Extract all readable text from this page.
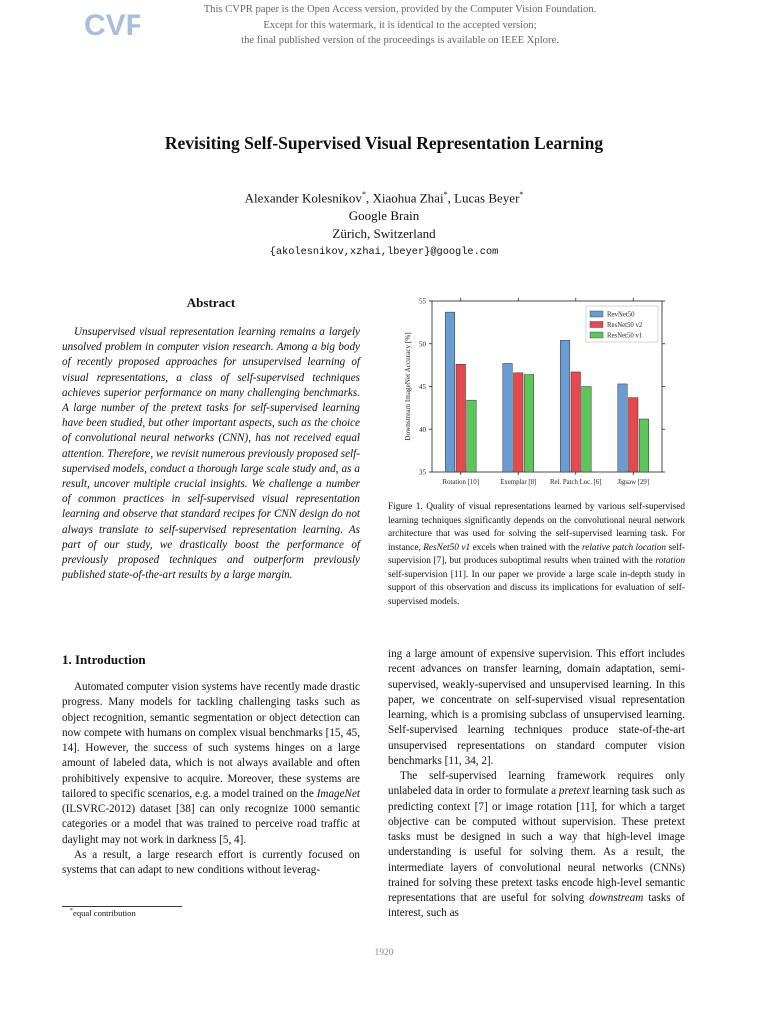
CVF	This CVPR paper is the Open Access version, provided by the Computer Vision Foundation.
Except for this watermark, it is identical to the accepted version;
the final published version of the proceedings is available on IEEE Xplore.
Revisiting Self-Supervised Visual Representation Learning
Alexander Kolesnikov*, Xiaohua Zhai*, Lucas Beyer*
Google Brain
Zürich, Switzerland
{akolesnikov,xzhai,lbeyer}@google.com
Abstract

Unsupervised visual representation learning remains a largely unsolved problem in computer vision research. Among a big body of recently proposed approaches for unsupervised learning of visual representations, a class of self-supervised techniques achieves superior performance on many challenging benchmarks. A large number of the pretext tasks for self-supervised learning have been studied, but other important aspects, such as the choice of convolutional neural networks (CNN), has not received equal attention. Therefore, we revisit numerous previously proposed self-supervised models, conduct a thorough large scale study and, as a result, uncover multiple crucial insights. We challenge a number of common practices in self-supervised visual representation learning and observe that standard recipes for CNN design do not always translate to self-supervised representation learning. As part of our study, we drastically boost the performance of previously proposed techniques and outperform previously published state-of-the-art results by a large margin.

1. Introduction

Automated computer vision systems have recently made drastic progress. Many models for tackling challenging tasks such as object recognition, semantic segmentation or object detection can now compete with humans on complex visual benchmarks [15, 45, 14]. However, the success of such systems hinges on a large amount of labeled data, which is not always available and often prohibitively expensive to acquire. Moreover, these systems are tailored to specific scenarios, e.g. a model trained on the ImageNet (ILSVRC-2012) dataset [38] can only recognize 1000 semantic categories or a model that was trained to perceive road traffic at daylight may not work in darkness [5, 4].

As a result, a large research effort is currently focused on systems that can adapt to new conditions without leverag-

35
40
45
50
55
Downstream ImageNet Accuracy [%]
Rotation [10]	Exemplar [8] Rel. Patch Loc. [6] Jigsaw [29]
RevNet50
ResNet50 v2
ResNet50 v1

Figure 1. Quality of visual representations learned by various self-supervised learning techniques significantly depends on the convolutional neural network architecture that was used for solving the self-supervised learning task. For instance, ResNet50 v1 excels when trained with the relative patch location self-supervision [7], but produces suboptimal results when trained with the rotation self-supervision [11]. In our paper we provide a large scale in-depth study in support of this observation and discuss its implications for evaluation of self-supervised models.

ing a large amount of expensive supervision. This effort includes recent advances on transfer learning, domain adaptation, semi-supervised, weakly-supervised and unsupervised learning. In this paper, we concentrate on self-supervised visual representation learning, which is a promising subclass of unsupervised learning. Self-supervised learning techniques produce state-of-the-art unsupervised representations on standard computer vision benchmarks [11, 34, 2].

The self-supervised learning framework requires only unlabeled data in order to formulate a pretext learning task such as predicting context [7] or image rotation [11], for which a target objective can be computed without supervision. These pretext tasks must be designed in such a way that high-level image understanding is useful for solving them. As a result, the intermediate layers of convolutional neural networks (CNNs) trained for solving these pretext tasks encode high-level semantic representations that are useful for solving downstream tasks of interest, such as

*equal contribution
1920
